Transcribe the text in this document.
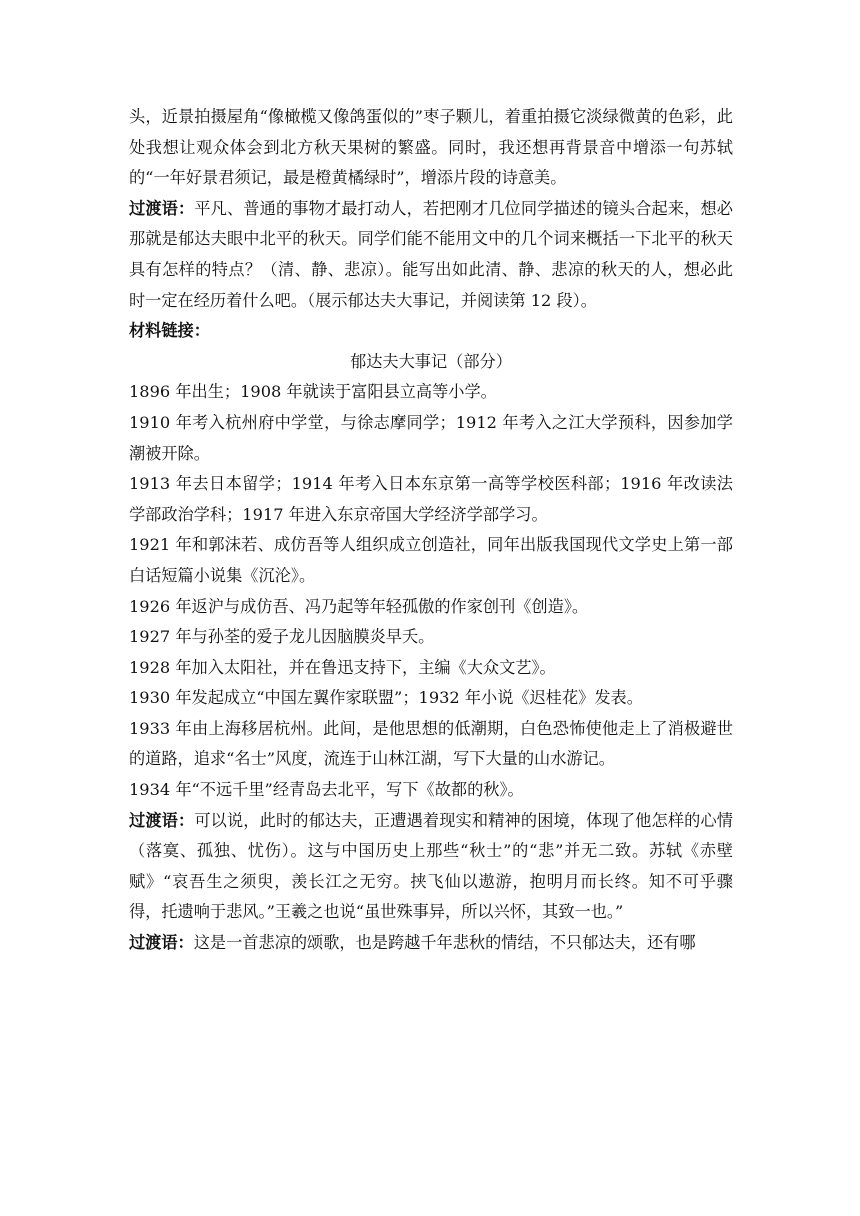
头，近景拍摄屋角“像橄榄又像鸽蛋似的”枣子颗儿，着重拍摄它淡绿微黄的色彩，此处我想让观众体会到北方秋天果树的繁盛。同时，我还想再背景音中增添一句苏轼的“一年好景君须记，最是橙黄橘绿时”，增添片段的诗意美。

过渡语：平凡、普通的事物才最打动人，若把刚才几位同学描述的镜头合起来，想必那就是郁达夫眼中北平的秋天。同学们能不能用文中的几个词来概括一下北平的秋天具有怎样的特点？（清、静、悲凉）。能写出如此清、静、悲凉的秋天的人，想必此时一定在经历着什么吧。（展示郁达夫大事记，并阅读第 12 段）。

材料链接：

郁达夫大事记（部分）

1896 年出生；1908 年就读于富阳县立高等小学。

1910 年考入杭州府中学堂，与徐志摩同学；1912 年考入之江大学预科，因参加学潮被开除。

1913 年去日本留学；1914 年考入日本东京第一高等学校医科部；1916 年改读法学部政治学科；1917 年进入东京帝国大学经济学部学习。

1921 年和郭沫若、成仿吾等人组织成立创造社，同年出版我国现代文学史上第一部白话短篇小说集《沉沦》。

1926 年返沪与成仿吾、冯乃起等年轻孤傲的作家创刊《创造》。

1927 年与孙荃的爱子龙儿因脑膜炎早夭。

1928 年加入太阳社，并在鲁迅支持下，主编《大众文艺》。

1930 年发起成立“中国左翼作家联盟”；1932 年小说《迟桂花》发表。

1933 年由上海移居杭州。此间，是他思想的低潮期，白色恐怖使他走上了消极避世的道路，追求“名士”风度，流连于山林江湖，写下大量的山水游记。

1934 年“不远千里”经青岛去北平，写下《故都的秋》。

过渡语：可以说，此时的郁达夫，正遭遇着现实和精神的困境，体现了他怎样的心情（落寞、孤独、忧伤）。这与中国历史上那些“秋士”的“悲”并无二致。苏轼《赤壁赋》“哀吾生之须臾，羡长江之无穷。挟飞仙以遨游，抱明月而长终。知不可乎骤得，托遗响于悲风。”王羲之也说“虽世殊事异，所以兴怀，其致一也。”

过渡语：这是一首悲凉的颂歌，也是跨越千年悲秋的情结，不只郁达夫，还有哪
